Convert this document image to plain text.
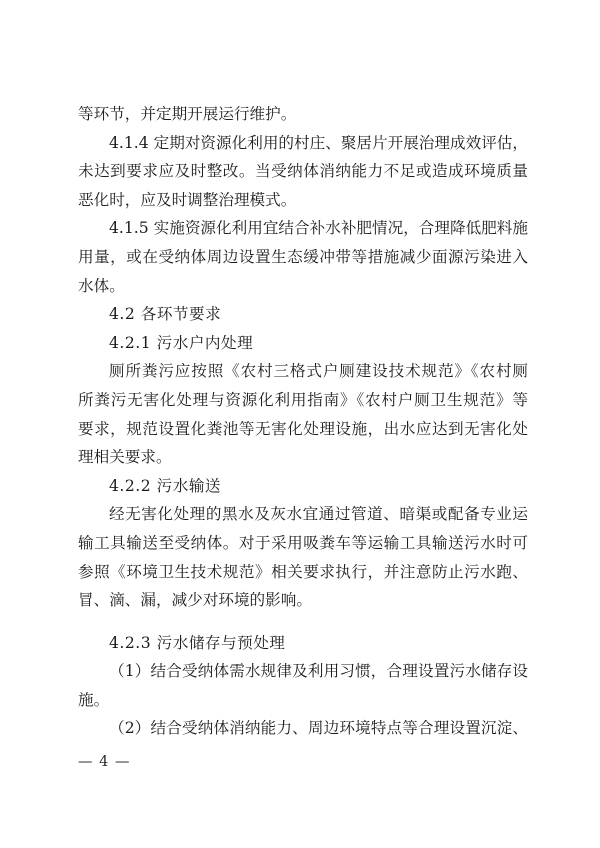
等环节，并定期开展运行维护。
4.1.4 定期对资源化利用的村庄、聚居片开展治理成效评估，
未达到要求应及时整改。当受纳体消纳能力不足或造成环境质量
恶化时，应及时调整治理模式。
4.1.5 实施资源化利用宜结合补水补肥情况，合理降低肥料施
用量，或在受纳体周边设置生态缓冲带等措施减少面源污染进入
水体。
4.2 各环节要求
4.2.1 污水户内处理
厕所粪污应按照《农村三格式户厕建设技术规范》《农村厕
所粪污无害化处理与资源化利用指南》《农村户厕卫生规范》等
要求，规范设置化粪池等无害化处理设施，出水应达到无害化处
理相关要求。
4.2.2 污水输送
经无害化处理的黑水及灰水宜通过管道、暗渠或配备专业运
输工具输送至受纳体。对于采用吸粪车等运输工具输送污水时可
参照《环境卫生技术规范》相关要求执行，并注意防止污水跑、
冒、滴、漏，减少对环境的影响。
4.2.3 污水储存与预处理
（1）结合受纳体需水规律及利用习惯，合理设置污水储存设
施。
（2）结合受纳体消纳能力、周边环境特点等合理设置沉淀、
— 4 —
